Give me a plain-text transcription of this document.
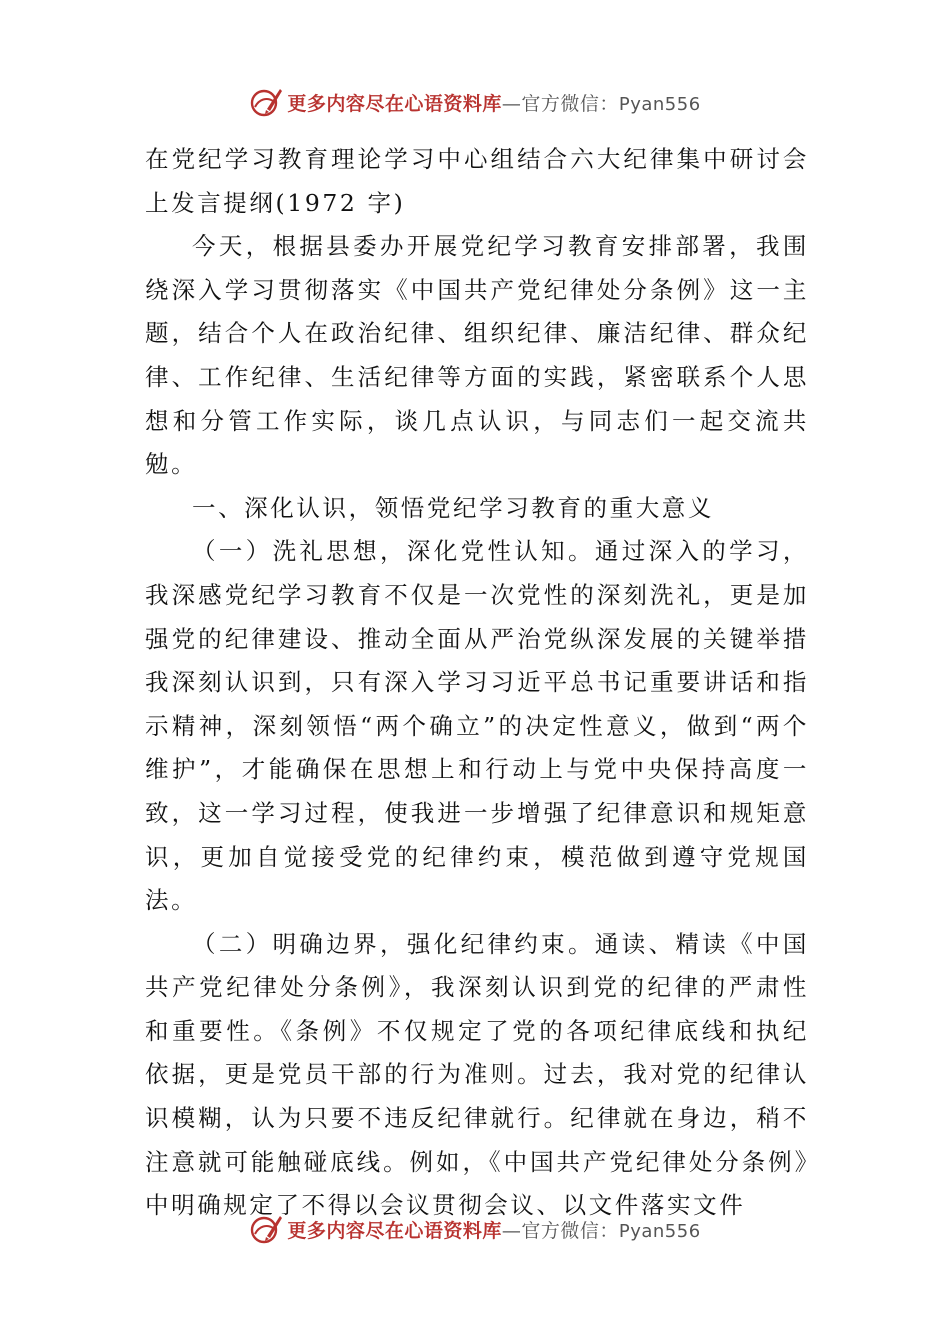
更多内容尽在心语资料库—官方微信：Pyan556

在党纪学习教育理论学习中心组结合六大纪律集中研讨会上发言提纲(1972 字)

今天，根据县委办开展党纪学习教育安排部署，我围绕深入学习贯彻落实《中国共产党纪律处分条例》这一主题，结合个人在政治纪律、组织纪律、廉洁纪律、群众纪律、工作纪律、生活纪律等方面的实践，紧密联系个人思想和分管工作实际，谈几点认识，与同志们一起交流共勉。

一、深化认识，领悟党纪学习教育的重大意义

（一）洗礼思想，深化党性认知。通过深入的学习，我深感党纪学习教育不仅是一次党性的深刻洗礼，更是加强党的纪律建设、推动全面从严治党纵深发展的关键举措我深刻认识到，只有深入学习习近平总书记重要讲话和指示精神，深刻领悟“两个确立”的决定性意义，做到“两个维护”，才能确保在思想上和行动上与党中央保持高度一致，这一学习过程，使我进一步增强了纪律意识和规矩意识，更加自觉接受党的纪律约束，模范做到遵守党规国法。

（二）明确边界，强化纪律约束。通读、精读《中国共产党纪律处分条例》，我深刻认识到党的纪律的严肃性和重要性。《条例》不仅规定了党的各项纪律底线和执纪依据，更是党员干部的行为准则。过去，我对党的纪律认识模糊，认为只要不违反纪律就行。纪律就在身边，稍不注意就可能触碰底线。例如，《中国共产党纪律处分条例》中明确规定了不得以会议贯彻会议、以文件落实文件

更多内容尽在心语资料库—官方微信：Pyan556
